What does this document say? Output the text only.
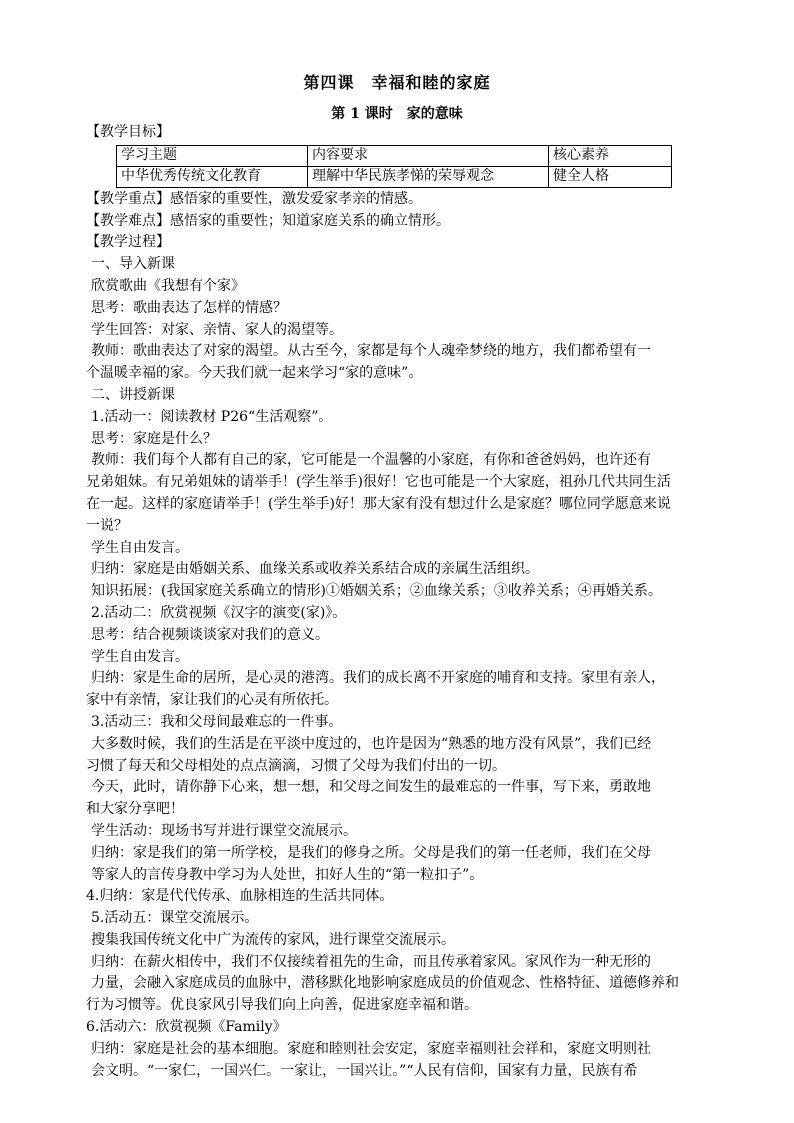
第四课　幸福和睦的家庭
第 1 课时　家的意味
【教学目标】
学习主题	内容要求	核心素养
中华优秀传统文化教育	理解中华民族孝悌的荣辱观念	健全人格
【教学重点】感悟家的重要性，激发爱家孝亲的情感。
【教学难点】感悟家的重要性；知道家庭关系的确立情形。
【教学过程】
一、导入新课
欣赏歌曲《我想有个家》
思考：歌曲表达了怎样的情感？
学生回答：对家、亲情、家人的渴望等。
教师：歌曲表达了对家的渴望。从古至今，家都是每个人魂牵梦绕的地方，我们都希望有一
个温暖幸福的家。今天我们就一起来学习“家的意味”。
二、讲授新课
1.活动一：阅读教材 P26“生活观察”。
思考：家庭是什么？
教师：我们每个人都有自己的家，它可能是一个温馨的小家庭，有你和爸爸妈妈，也许还有
兄弟姐妹。有兄弟姐妹的请举手！(学生举手)很好！它也可能是一个大家庭，祖孙几代共同生活
在一起。这样的家庭请举手！(学生举手)好！那大家有没有想过什么是家庭？哪位同学愿意来说
一说？
学生自由发言。
归纳：家庭是由婚姻关系、血缘关系或收养关系结合成的亲属生活组织。
知识拓展：(我国家庭关系确立的情形)①婚姻关系；②血缘关系；③收养关系；④再婚关系。
2.活动二：欣赏视频《汉字的演变(家)》。
思考：结合视频谈谈家对我们的意义。
学生自由发言。
归纳：家是生命的居所，是心灵的港湾。我们的成长离不开家庭的哺育和支持。家里有亲人，
家中有亲情，家让我们的心灵有所依托。
3.活动三：我和父母间最难忘的一件事。
大多数时候，我们的生活是在平淡中度过的，也许是因为“熟悉的地方没有风景”，我们已经
习惯了每天和父母相处的点点滴滴，习惯了父母为我们付出的一切。
今天，此时，请你静下心来，想一想，和父母之间发生的最难忘的一件事，写下来，勇敢地
和大家分享吧！
学生活动：现场书写并进行课堂交流展示。
归纳：家是我们的第一所学校，是我们的修身之所。父母是我们的第一任老师，我们在父母
等家人的言传身教中学习为人处世，扣好人生的“第一粒扣子”。
4.归纳：家是代代传承、血脉相连的生活共同体。
5.活动五：课堂交流展示。
搜集我国传统文化中广为流传的家风，进行课堂交流展示。
归纳：在薪火相传中，我们不仅接续着祖先的生命，而且传承着家风。家风作为一种无形的
力量，会融入家庭成员的血脉中，潜移默化地影响家庭成员的价值观念、性格特征、道德修养和
行为习惯等。优良家风引导我们向上向善，促进家庭幸福和谐。
6.活动六：欣赏视频《Family》
归纳：家庭是社会的基本细胞。家庭和睦则社会安定，家庭幸福则社会祥和，家庭文明则社
会文明。“一家仁，一国兴仁。一家让，一国兴让。”“人民有信仰，国家有力量，民族有希
